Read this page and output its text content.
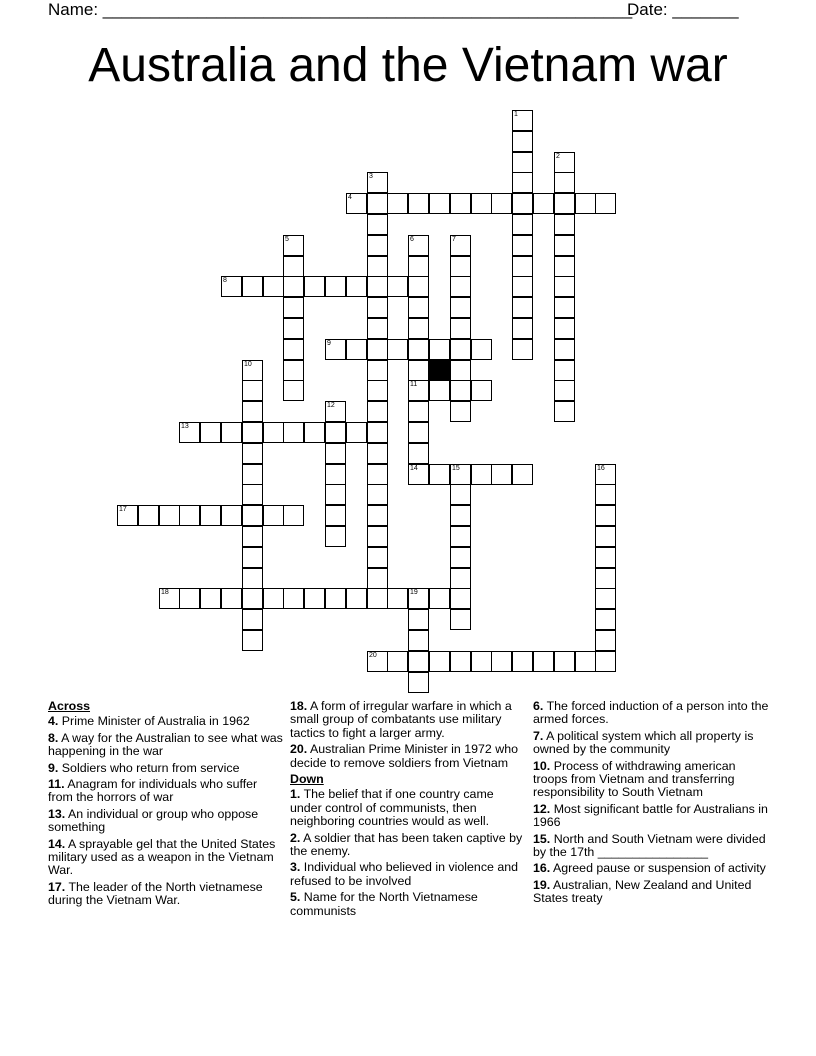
Name: ________________________________________________________
Date: _______
Australia and the Vietnam war
4
8
9
11
13
14	15
17
18	19
20
1
2
3
5	6	7
10
12
16
Across
4. Prime Minister of Australia in 1962
8. A way for the Australian to see what was happening in the war
9. Soldiers who return from service
11. Anagram for individuals who suffer from the horrors of war
13. An individual or group who oppose something
14. A sprayable gel that the United States military used as a weapon in the Vietnam War.
17. The leader of the North vietnamese during the Vietnam War.
18. A form of irregular warfare in which a small group of combatants use military tactics to fight a larger army.
20. Australian Prime Minister in 1972 who decide to remove soldiers from Vietnam
Down
1. The belief that if one country came under control of communists, then neighboring countries would as well.
2. A soldier that has been taken captive by the enemy.
3. Individual who believed in violence and refused to be involved
5. Name for the North Vietnamese communists
6. The forced induction of a person into the armed forces.
7. A political system which all property is owned by the community
10. Process of withdrawing american troops from Vietnam and transferring responsibility to South Vietnam
12. Most significant battle for Australians in 1966
15. North and South Vietnam were divided by the 17th ________________
16. Agreed pause or suspension of activity
19. Australian, New Zealand and United States treaty
